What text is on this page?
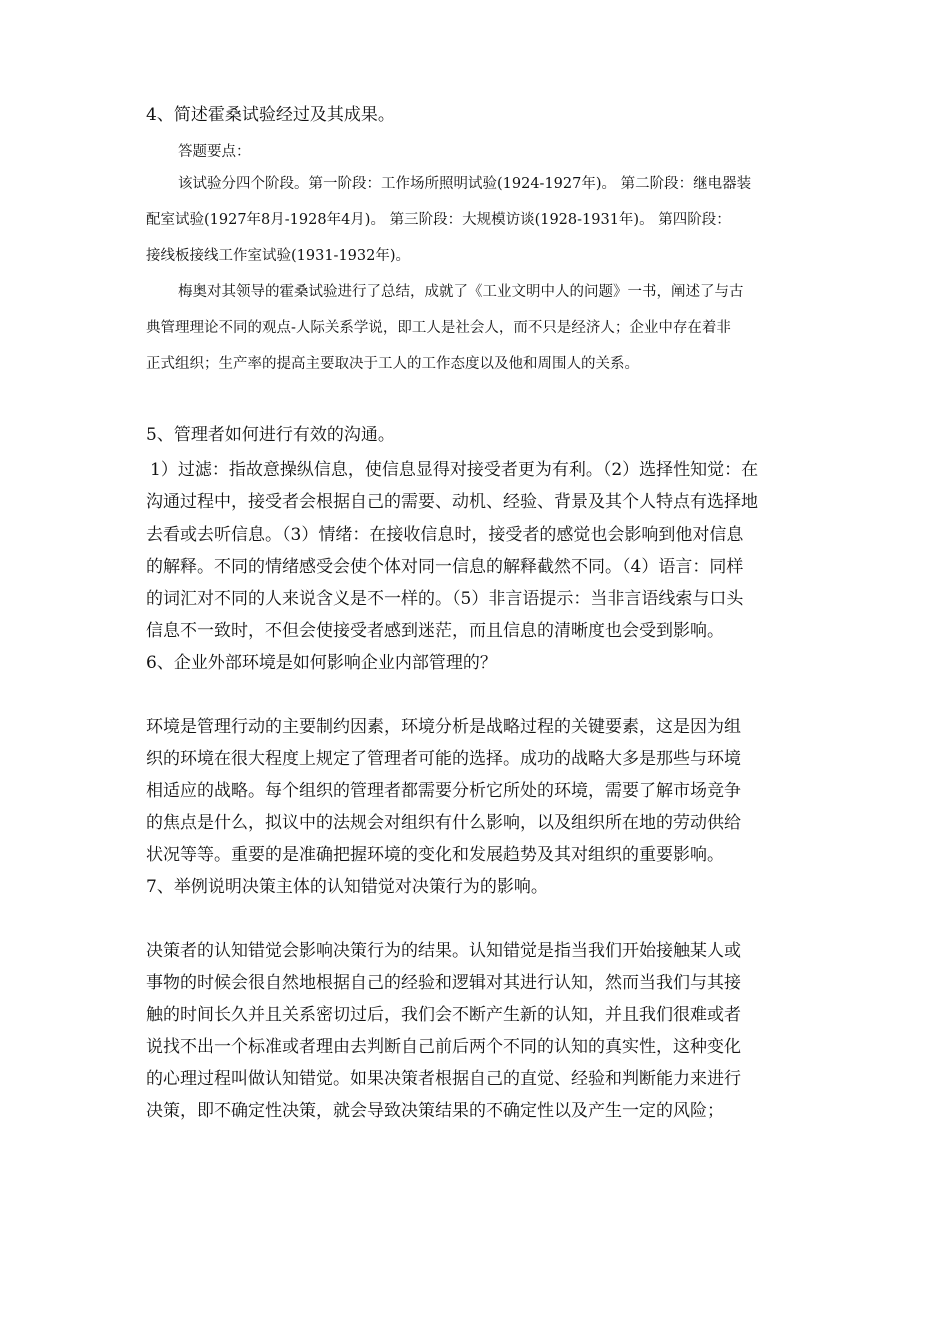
4、简述霍桑试验经过及其成果。

答题要点：

该试验分四个阶段。第一阶段：工作场所照明试验(1924-1927年)。 第二阶段：继电器装

配室试验(1927年8月-1928年4月)。 第三阶段：大规模访谈(1928-1931年)。 第四阶段：

接线板接线工作室试验(1931-1932年)。

梅奥对其领导的霍桑试验进行了总结，成就了《工业文明中人的问题》一书，阐述了与古

典管理理论不同的观点-人际关系学说，即工人是社会人，而不只是经济人；企业中存在着非

正式组织；生产率的提高主要取决于工人的工作态度以及他和周围人的关系。

5、管理者如何进行有效的沟通。

1）过滤：指故意操纵信息，使信息显得对接受者更为有利。（2）选择性知觉：在

沟通过程中，接受者会根据自己的需要、动机、经验、背景及其个人特点有选择地

去看或去听信息。（3）情绪：在接收信息时，接受者的感觉也会影响到他对信息

的解释。不同的情绪感受会使个体对同一信息的解释截然不同。（4）语言：同样

的词汇对不同的人来说含义是不一样的。（5）非言语提示：当非言语线索与口头

信息不一致时，不但会使接受者感到迷茫，而且信息的清晰度也会受到影响。

6、企业外部环境是如何影响企业内部管理的？

环境是管理行动的主要制约因素，环境分析是战略过程的关键要素，这是因为组

织的环境在很大程度上规定了管理者可能的选择。成功的战略大多是那些与环境

相适应的战略。每个组织的管理者都需要分析它所处的环境，需要了解市场竞争

的焦点是什么，拟议中的法规会对组织有什么影响，以及组织所在地的劳动供给

状况等等。重要的是准确把握环境的变化和发展趋势及其对组织的重要影响。

7、举例说明决策主体的认知错觉对决策行为的影响。

决策者的认知错觉会影响决策行为的结果。认知错觉是指当我们开始接触某人或

事物的时候会很自然地根据自己的经验和逻辑对其进行认知，然而当我们与其接

触的时间长久并且关系密切过后，我们会不断产生新的认知，并且我们很难或者

说找不出一个标准或者理由去判断自己前后两个不同的认知的真实性，这种变化

的心理过程叫做认知错觉。如果决策者根据自己的直觉、经验和判断能力来进行

决策，即不确定性决策，就会导致决策结果的不确定性以及产生一定的风险；
